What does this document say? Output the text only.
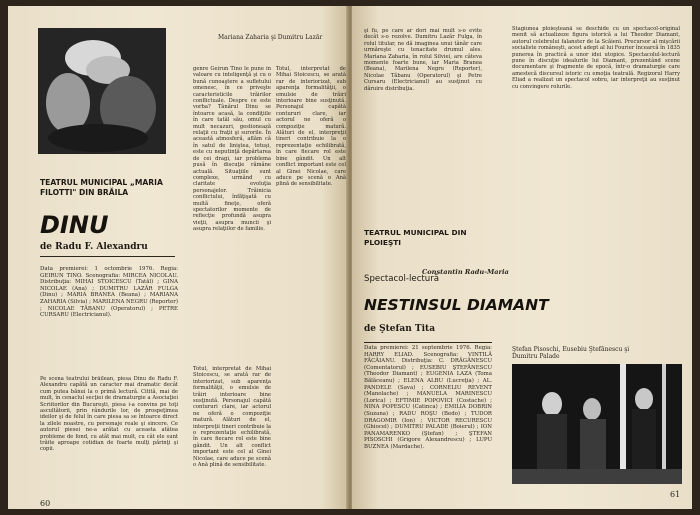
Mariana Zaharia şi Dumitru Lazăr
genre Geirun Tino le pune în valoare cu inteligenţă şi cu o bună cunoaştere a sufletului omenesc, în ce priveşte caracteristicile trăirilor conflictuale. Despre ce este vorba? Tânărul Dinu se întoarce acasă, la condiţiile în care tatăl său, omul cu mult necazuri, gestionează relaţii cu fraţii şi surorile. În această atmosferă, aflăm că în satul de liniştea, totuşi, este cu neputinţă depărtarea de cei dragi, iar problema pusă în discuţie rămâne actuală. Situaţiile sunt complexe, urmând cu claritate evoluţia personajelor. Trăinicia conflictului, înfăţişată cu multă fineţe, oferă spectatorilor momente de reflecţie profundă asupra vieţii, asupra muncii şi asupra relaţiilor de familie.
Totul, interpretat de Mihai Stoicescu, se arată rar de interiorizat, sub aparenţa formalităţii, o emulsie de trăiri interioare bine susţinută. Personajul capătă contururi clare, iar actorul ne oferă o compoziţie matură. Alături de el, interpreţii tineri contribuie la o reprezentaţie echilibrată, în care fiecare rol este bine gândit. Un alt conflict important este cel al Ginei Nicolae, care aduce pe scenă o Ană plină de sensibilitate.
Totul, interpretat de Mihai Stoicescu, se arată rar de interiorizat, sub aparenţa formalităţii, o emulsie de trăiri interioare bine susţinută. Personajul capătă contururi clare, iar actorul ne oferă o compoziţie matură. Alături de el, interpreţii tineri contribuie la o reprezentaţie echilibrată, în care fiecare rol este bine gândit. Un alt conflict important este cel al Ginei Nicolae, care aduce pe scenă o Ană plină de sensibilitate.
TEATRUL MUNICIPAL „MARIA FILOTTI" DIN BRĂILA
DINU
de Radu F. Alexandru
Data premierei: 1 octombrie 1976. Regia: GEIRUN TINO. Scenografia: MIRCEA NICOLAU. Distribuţia: MIHAI STOICESCU (Tatăl) ; GINA NICOLAE (Ana) ; DUMITRU LAZĂR FULGA (Dinu) ; MARIA BRANEA (Beana) ; MARIANA ZAHARIA (Silvia) ; MARILENA NEGRU (Reporter) ; NICOLAE TĂBANU (Operatorul) ; PETRE CURSARU (Electricianul).
Pe scena teatrului brăilean, piesa Dinu de Radu F. Alexandru capătă un caracter mai dramatic decât cum putea bănui la o primă lectură. Citită, mai de mult, în cenaclul secţiei de dramaturgie a Asociaţiei Scriitorilor din Bucureşti, piesa i-a convins pe toţi ascultătorii, prin rândurile lor, de prospeţimea ideilor şi de felul în care piesa sa se întoarce direct la zilele noastre, cu personaje reale şi sincere. Ce autorul piesei ne-a arătat cu aceasta atâtea probleme de fond, cu atât mai mult, cu cât ele sunt trăite aproape cotidian de foarte mulţi părinţi şi copii.
60
şi fu, pe care ar dori mai mult s-o evite decât s-o rezolve. Dumitru Lazăr Fulga, în rolul titular, ne dă imaginea unui tânăr care urmăreşte cu tenacitate drumul ales. Mariana Zaharia, în rolul Silviei, are câteva momente foarte bune, iar Maria Branea (Beana), Marilena Negru (Reporter), Nicolae Tăbanu (Operatorul) şi Petre Cursaru (Electricianul) au susţinut cu dăruire distribuţia.
Constantin Radu-Maria
Stagiunea ploieşteană se deschide cu un spectacol-original menit să actualizeze figura istorică a lui Theodor Diamant, autorul celebrului falanster de la Scăieni. Precursor al mişcării socialiste româneşti, acest adept al lui Fourier încearcă în 1835 punerea în practică a unor idei utopice. Spectacolul-lectură pune în discuţie idealurile lui Diamant, prezentând scene documentare şi fragmente de epocă, într-o dramaturgie care amestecă discursul istoric cu emoţia teatrală. Regizorul Harry Eliad a realizat un spectacol sobru, iar interpreţii au susţinut cu convingere rolurile.
TEATRUL MUNICIPAL DIN PLOIEŞTI
Spectacol-lectură
NESTINSUL DIAMANT
de Ştefan Tita
Data premierei: 21 septembrie 1976. Regia: HARRY ELIAD. Scenografia: VINTILĂ FĂCĂIANU. Distribuţia: C. DRĂGĂNESCU (Comentatorul) ; EUSEBIU ŞTEFĂNESCU (Theodor Diamant) ; EUGENIA LAZA (Toma Bălăceanu) ; ELENA ALBU (Lucreţia) ; AL. PANDELE (Sava) ; CORNELIU REVENT (Manolache) ; MANUELA MARINESCU (Lorica) ; EFTIMIE POPOVICI (Costache) ; NINA POPESCU (Catinca) ; EMILIA DOBRIN (Suzana) ; RADU ROŞU (Bedo) ; TUDOR DRAGOMIR (Ion) ; VICTOR RECURESCU (Ghiocel) ; DUMITRU PALADE (Boierul) ; ION PANAMARENKO (Ştefan) ; ŞTEFAN PISOSCHI (Grigore Alexandrescu) ; LUPU BUZNEA (Mardache).
Ştefan Pisoschi, Eusebiu Ştefănescu şi Dumitru Palade
61
